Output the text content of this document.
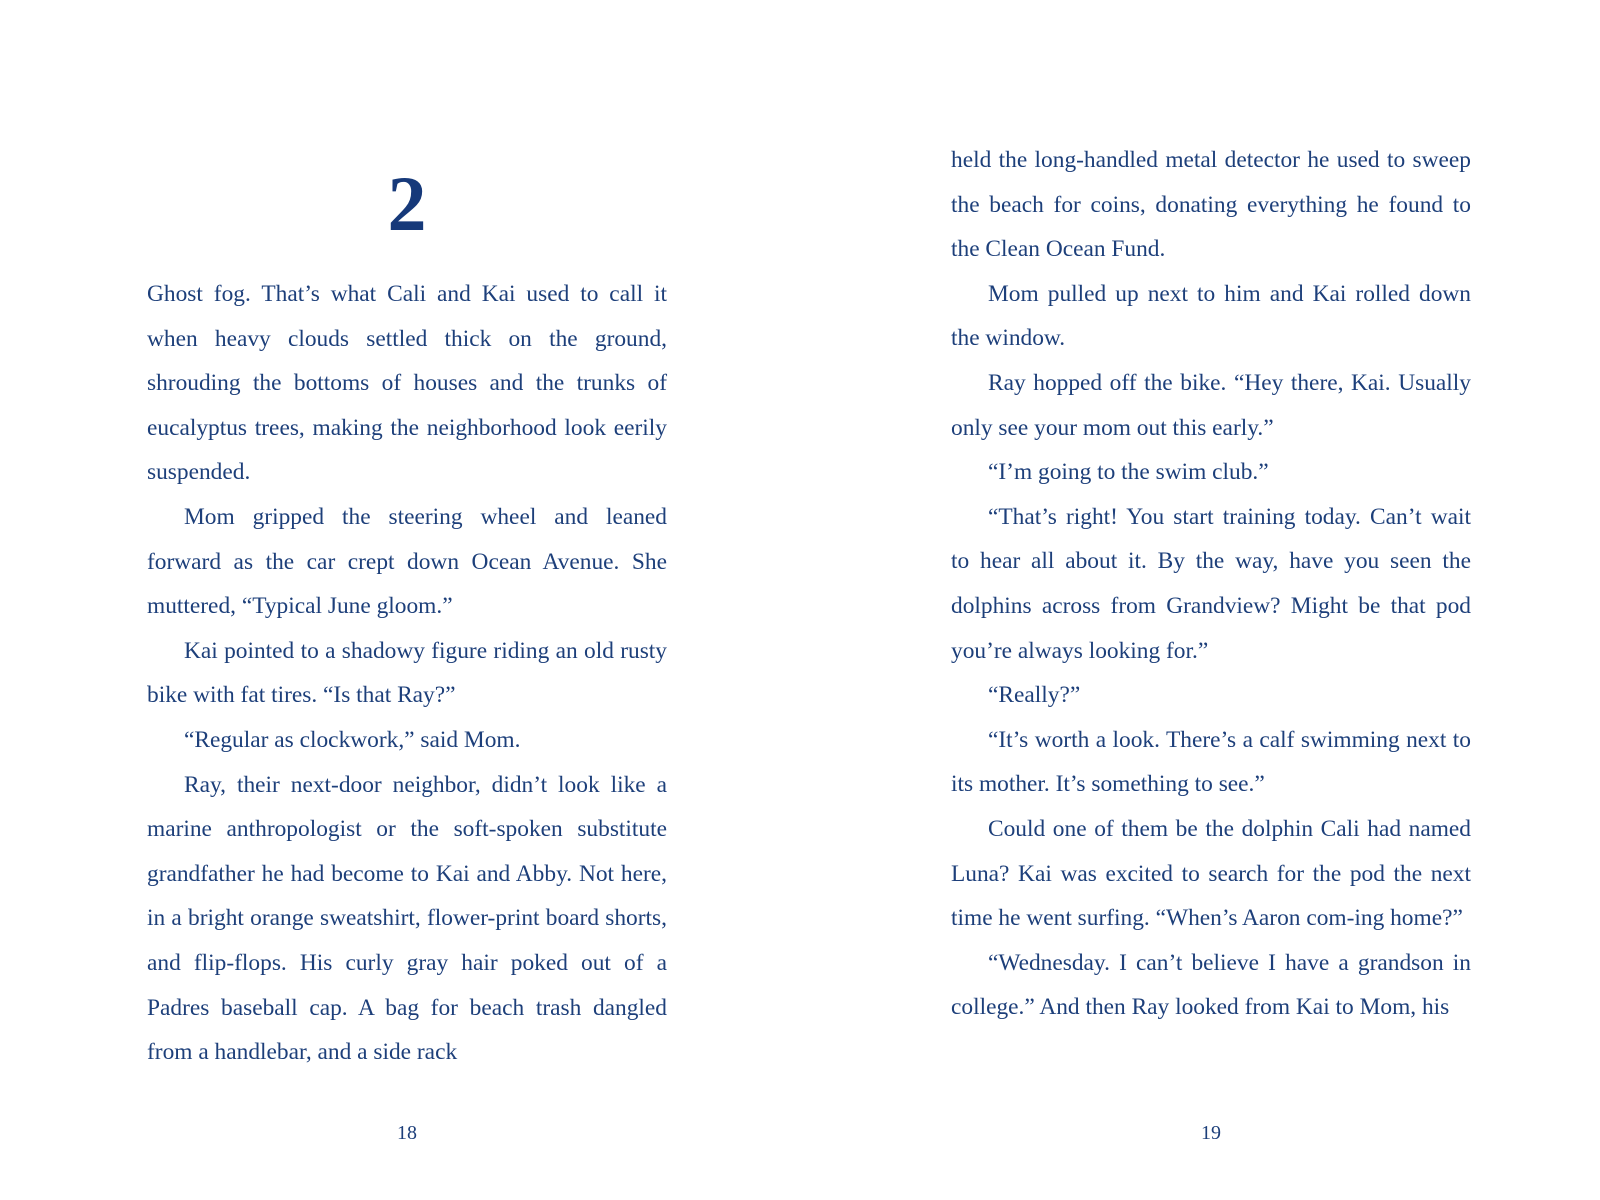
2

Ghost fog. That’s what Cali and Kai used to call it when heavy clouds settled thick on the ground, shrouding the bottoms of houses and the trunks of eucalyptus trees, making the neighborhood look eerily suspended.

Mom gripped the steering wheel and leaned forward as the car crept down Ocean Avenue. She muttered, “Typical June gloom.”

Kai pointed to a shadowy figure riding an old rusty bike with fat tires. “Is that Ray?”

“Regular as clockwork,” said Mom.

Ray, their next-door neighbor, didn’t look like a marine anthropologist or the soft-spoken substitute grandfather he had become to Kai and Abby. Not here, in a bright orange sweatshirt, flower-print board shorts, and flip-flops. His curly gray hair poked out of a Padres baseball cap. A bag for beach trash dangled from a handlebar, and a side rack

18

held the long-handled metal detector he used to sweep the beach for coins, donating everything he found to the Clean Ocean Fund.

Mom pulled up next to him and Kai rolled down the window.

Ray hopped off the bike. “Hey there, Kai. Usually only see your mom out this early.”

“I’m going to the swim club.”

“That’s right! You start training today. Can’t wait to hear all about it. By the way, have you seen the dolphins across from Grandview? Might be that pod you’re always looking for.”

“Really?”

“It’s worth a look. There’s a calf swimming next to its mother. It’s something to see.”

Could one of them be the dolphin Cali had named Luna? Kai was excited to search for the pod the next time he went surfing. “When’s Aaron com-ing home?”

“Wednesday. I can’t believe I have a grandson in college.” And then Ray looked from Kai to Mom, his

19
